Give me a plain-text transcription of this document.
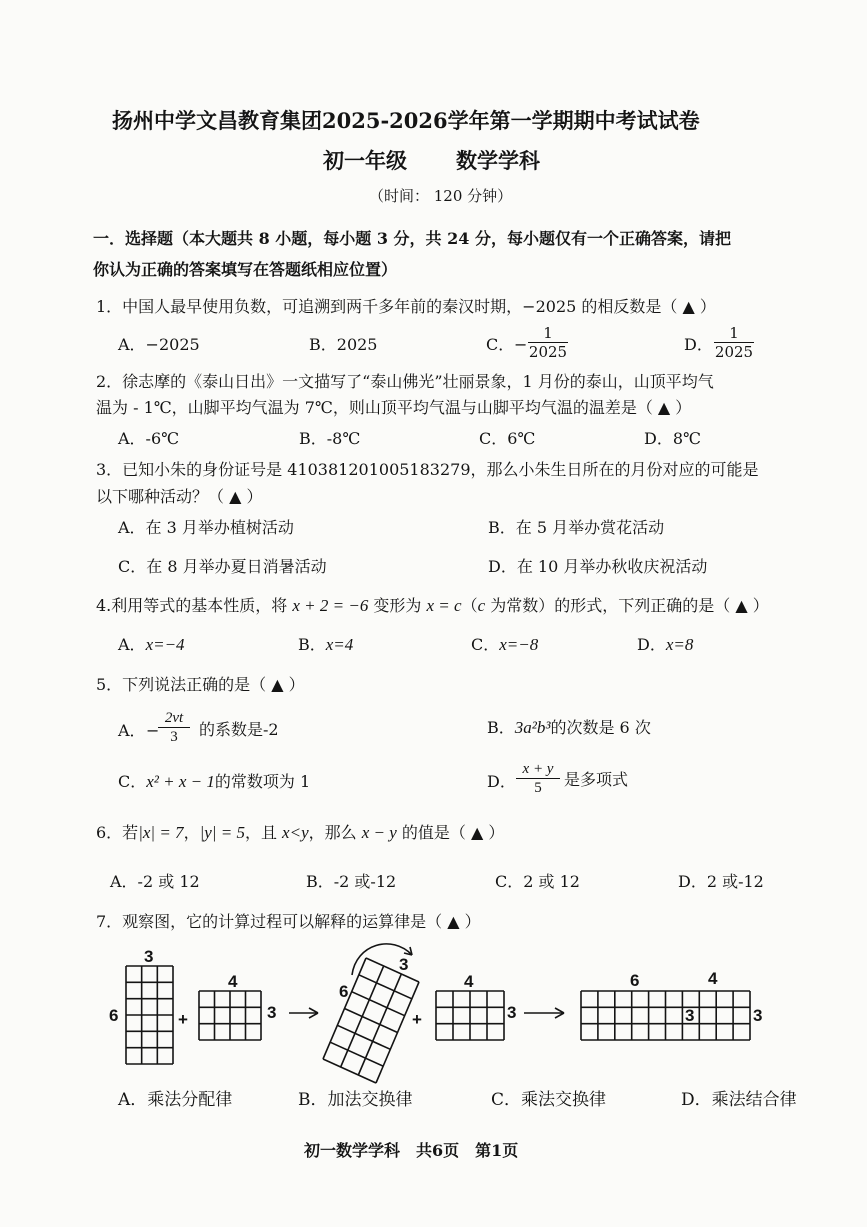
扬州中学文昌教育集团2025-2026学年第一学期期中考试试卷
初一年级 数学学科
（时间： 120 分钟）
一．选择题（本大题共 8 小题，每小题 3 分，共 24 分，每小题仅有一个正确答案，请把
你认为正确的答案填写在答题纸相应位置）
1．中国人最早使用负数，可追溯到两千多年前的秦汉时期，−2025 的相反数是（ ▲ ）
A．−2025	B．2025	C． − $\frac{1}{2025}$	D． $\frac{1}{2025}$
2．徐志摩的《泰山日出》一文描写了“泰山佛光”壮丽景象，1 月份的泰山，山顶平均气
温为 - 1℃，山脚平均气温为 7℃，则山顶平均气温与山脚平均气温的温差是（ ▲ ）
A．-6℃	B．-8℃	C．6℃	D．8℃
3．已知小朱的身份证号是 410381201005183279，那么小朱生日所在的月份对应的可能是
以下哪种活动？（ ▲ ）
A．在 3 月举办植树活动	B．在 5 月举办赏花活动
C．在 8 月举办夏日消暑活动	D．在 10 月举办秋收庆祝活动
4.利用等式的基本性质，将 x + 2 = −6 变形为 x = c（c 为常数）的形式，下列正确的是（ ▲ ）
A．x=−4	B．x=4	C．x=−8	D．x=8
5．下列说法正确的是（ ▲ ）
A． −
$\frac{2vt}{3}$ 的系数是-2	B．3a²b³的次数是 6 次
C．x² + x − 1的常数项为 1	D． $\frac{x + y}{5}$ 是多项式
6．若|x| = 7，|y| = 5，且 x<y，那么 x − y 的值是（ ▲ ）
A．-2 或 12	B．-2 或-12	C．2 或 12	D．2 或-12
7．观察图，它的计算过程可以解释的运算律是（ ▲ ）
3
6	+
4
3
3
6
+
4
3
6	4
3	3
A．乘法分配律	B．加法交换律	C．乘法交换律	D．乘法结合律
初一数学学科　共6页　第1页
